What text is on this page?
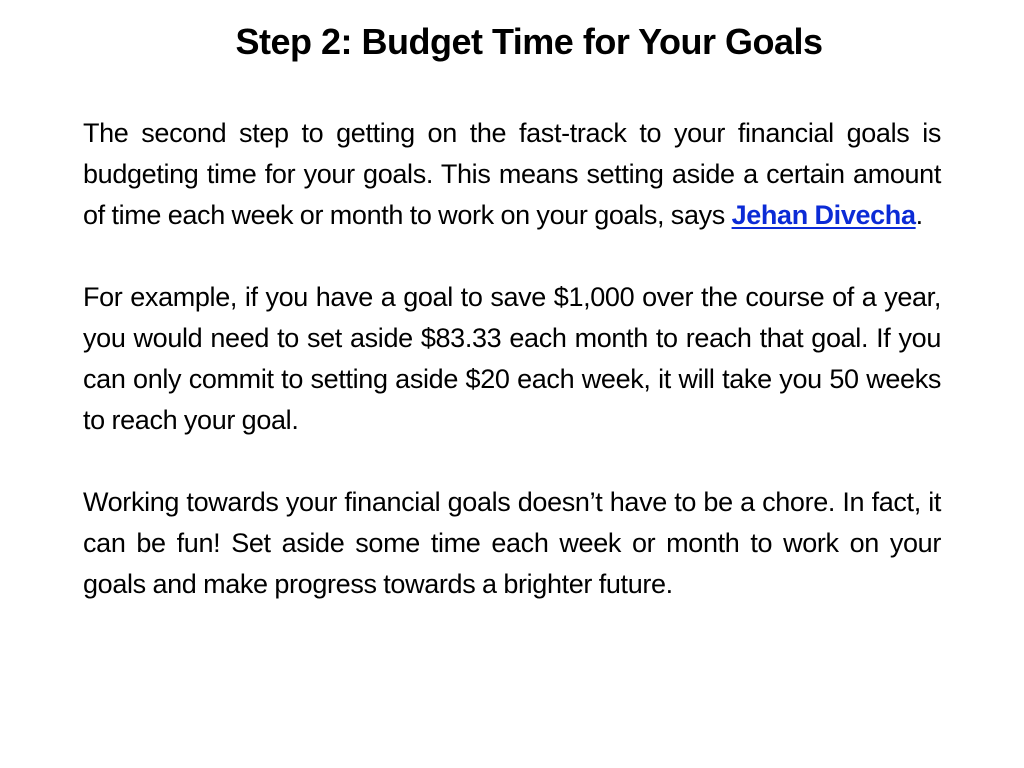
Step 2: Budget Time for Your Goals

The second step to getting on the fast-track to your financial goals is budgeting time for your goals. This means setting aside a certain amount of time each week or month to work on your goals, says Jehan Divecha.

For example, if you have a goal to save $1,000 over the course of a year, you would need to set aside $83.33 each month to reach that goal. If you can only commit to setting aside $20 each week, it will take you 50 weeks to reach your goal.

Working towards your financial goals doesn’t have to be a chore. In fact, it can be fun! Set aside some time each week or month to work on your goals and make progress towards a brighter future.
